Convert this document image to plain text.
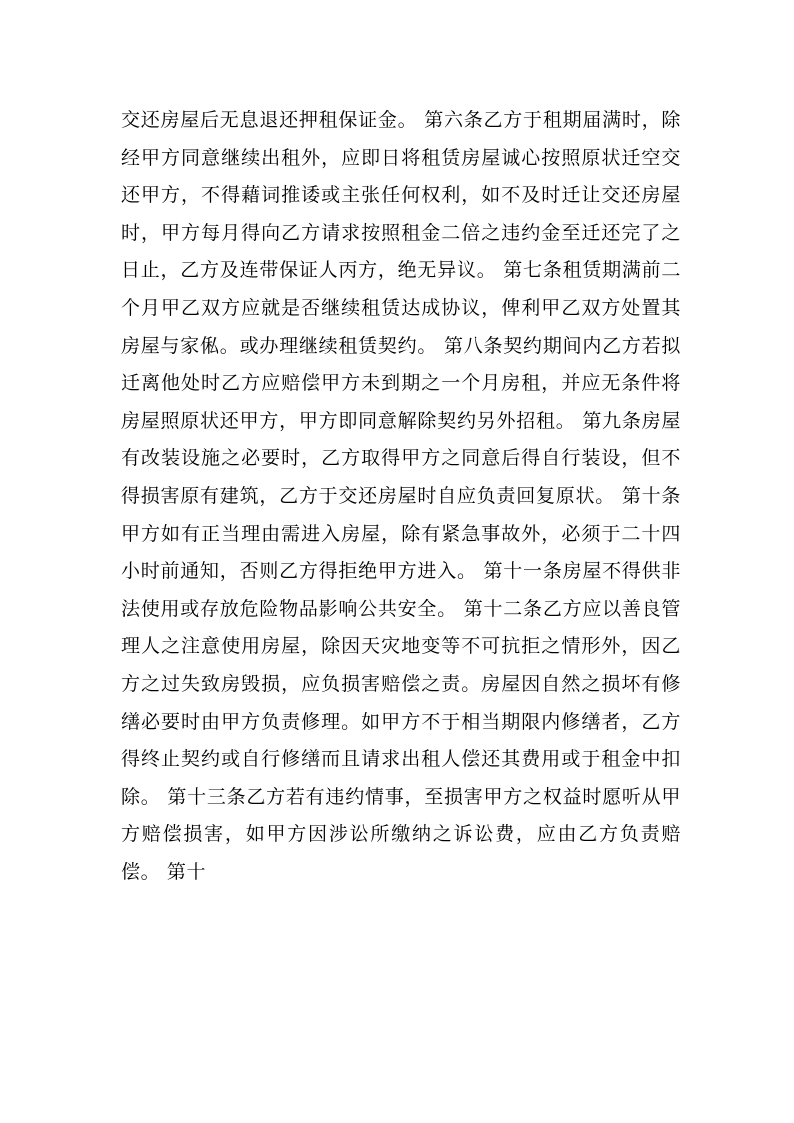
交还房屋后无息退还押租保证金。 第六条乙方于租期届满时，除经甲方同意继续出租外，应即日将租赁房屋诚心按照原状迁空交还甲方，不得藉词推诿或主张任何权利，如不及时迁让交还房屋时，甲方每月得向乙方请求按照租金二倍之违约金至迁还完了之日止，乙方及连带保证人丙方，绝无异议。 第七条租赁期满前二个月甲乙双方应就是否继续租赁达成协议，俾利甲乙双方处置其房屋与家俬。或办理继续租赁契约。 第八条契约期间内乙方若拟迁离他处时乙方应赔偿甲方未到期之一个月房租，并应无条件将房屋照原状还甲方，甲方即同意解除契约另外招租。 第九条房屋有改装设施之必要时，乙方取得甲方之同意后得自行装设，但不得损害原有建筑，乙方于交还房屋时自应负责回复原状。 第十条甲方如有正当理由需进入房屋，除有紧急事故外，必须于二十四小时前通知，否则乙方得拒绝甲方进入。 第十一条房屋不得供非法使用或存放危险物品影响公共安全。 第十二条乙方应以善良管理人之注意使用房屋，除因天灾地变等不可抗拒之情形外，因乙方之过失致房毁损，应负损害赔偿之责。房屋因自然之损坏有修缮必要时由甲方负责修理。如甲方不于相当期限内修缮者，乙方得终止契约或自行修缮而且请求出租人偿还其费用或于租金中扣除。 第十三条乙方若有违约情事，至损害甲方之权益时愿听从甲方赔偿损害，如甲方因涉讼所缴纳之诉讼费，应由乙方负责赔偿。 第十
